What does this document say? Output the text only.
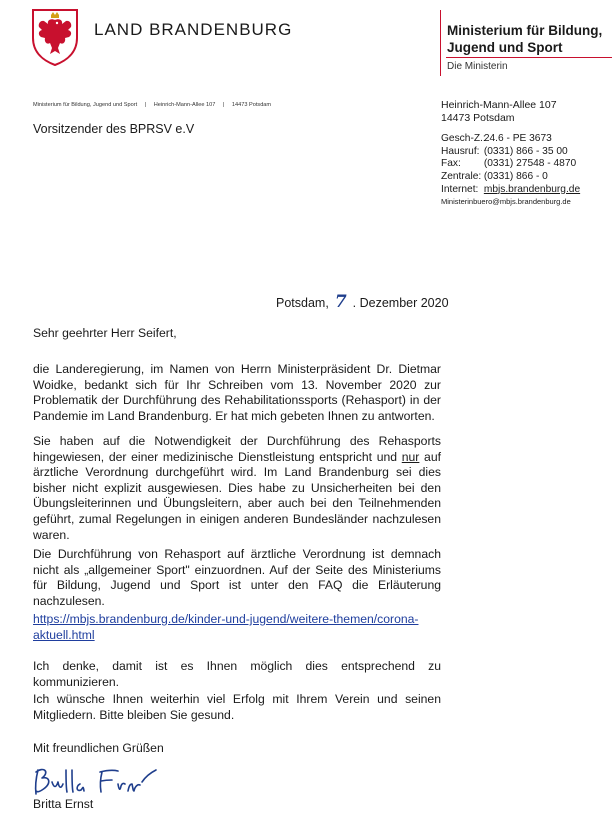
LAND BRANDENBURG	Ministerium für Bildung, Jugend und Sport
Die Ministerin
Ministerium für Bildung, Jugend und Sport | Heinrich-Mann-Allee 107 | 14473 Potsdam
Vorsitzender des BPRSV e.V
Heinrich-Mann-Allee 107
14473 Potsdam
Gesch-Z.: 24.6 - PE 3673
Hausruf: (0331) 866 - 35 00
Fax: (0331) 27548 - 4870
Zentrale: (0331) 866 - 0
Internet: mbjs.brandenburg.de
Ministerinbuero@mbjs.brandenburg.de
Potsdam, 7 . Dezember 2020
Sehr geehrter Herr Seifert,
die Landeregierung, im Namen von Herrn Ministerpräsident Dr. Dietmar Woidke, bedankt sich für Ihr Schreiben vom 13. November 2020 zur Problematik der Durchführung des Rehabilitationssports (Rehasport) in der Pandemie im Land Brandenburg. Er hat mich gebeten Ihnen zu antworten.
Sie haben auf die Notwendigkeit der Durchführung des Rehasports hingewiesen, der einer medizinische Dienstleistung entspricht und nur auf ärztliche Verordnung durchgeführt wird. Im Land Brandenburg sei dies bisher nicht explizit ausgewiesen. Dies habe zu Unsicherheiten bei den Übungsleiterinnen und Übungsleitern, aber auch bei den Teilnehmenden geführt, zumal Regelungen in einigen anderen Bundesländer nachzulesen waren.
Die Durchführung von Rehasport auf ärztliche Verordnung ist demnach nicht als „allgemeiner Sport" einzuordnen. Auf der Seite des Ministeriums für Bildung, Jugend und Sport ist unter den FAQ die Erläuterung nachzulesen.
https://mbjs.brandenburg.de/kinder-und-jugend/weitere-themen/corona-aktuell.html
Ich denke, damit ist es Ihnen möglich dies entsprechend zu kommunizieren.
Ich wünsche Ihnen weiterhin viel Erfolg mit Ihrem Verein und seinen Mitgliedern. Bitte bleiben Sie gesund.
Mit freundlichen Grüßen
Britta Ernst
